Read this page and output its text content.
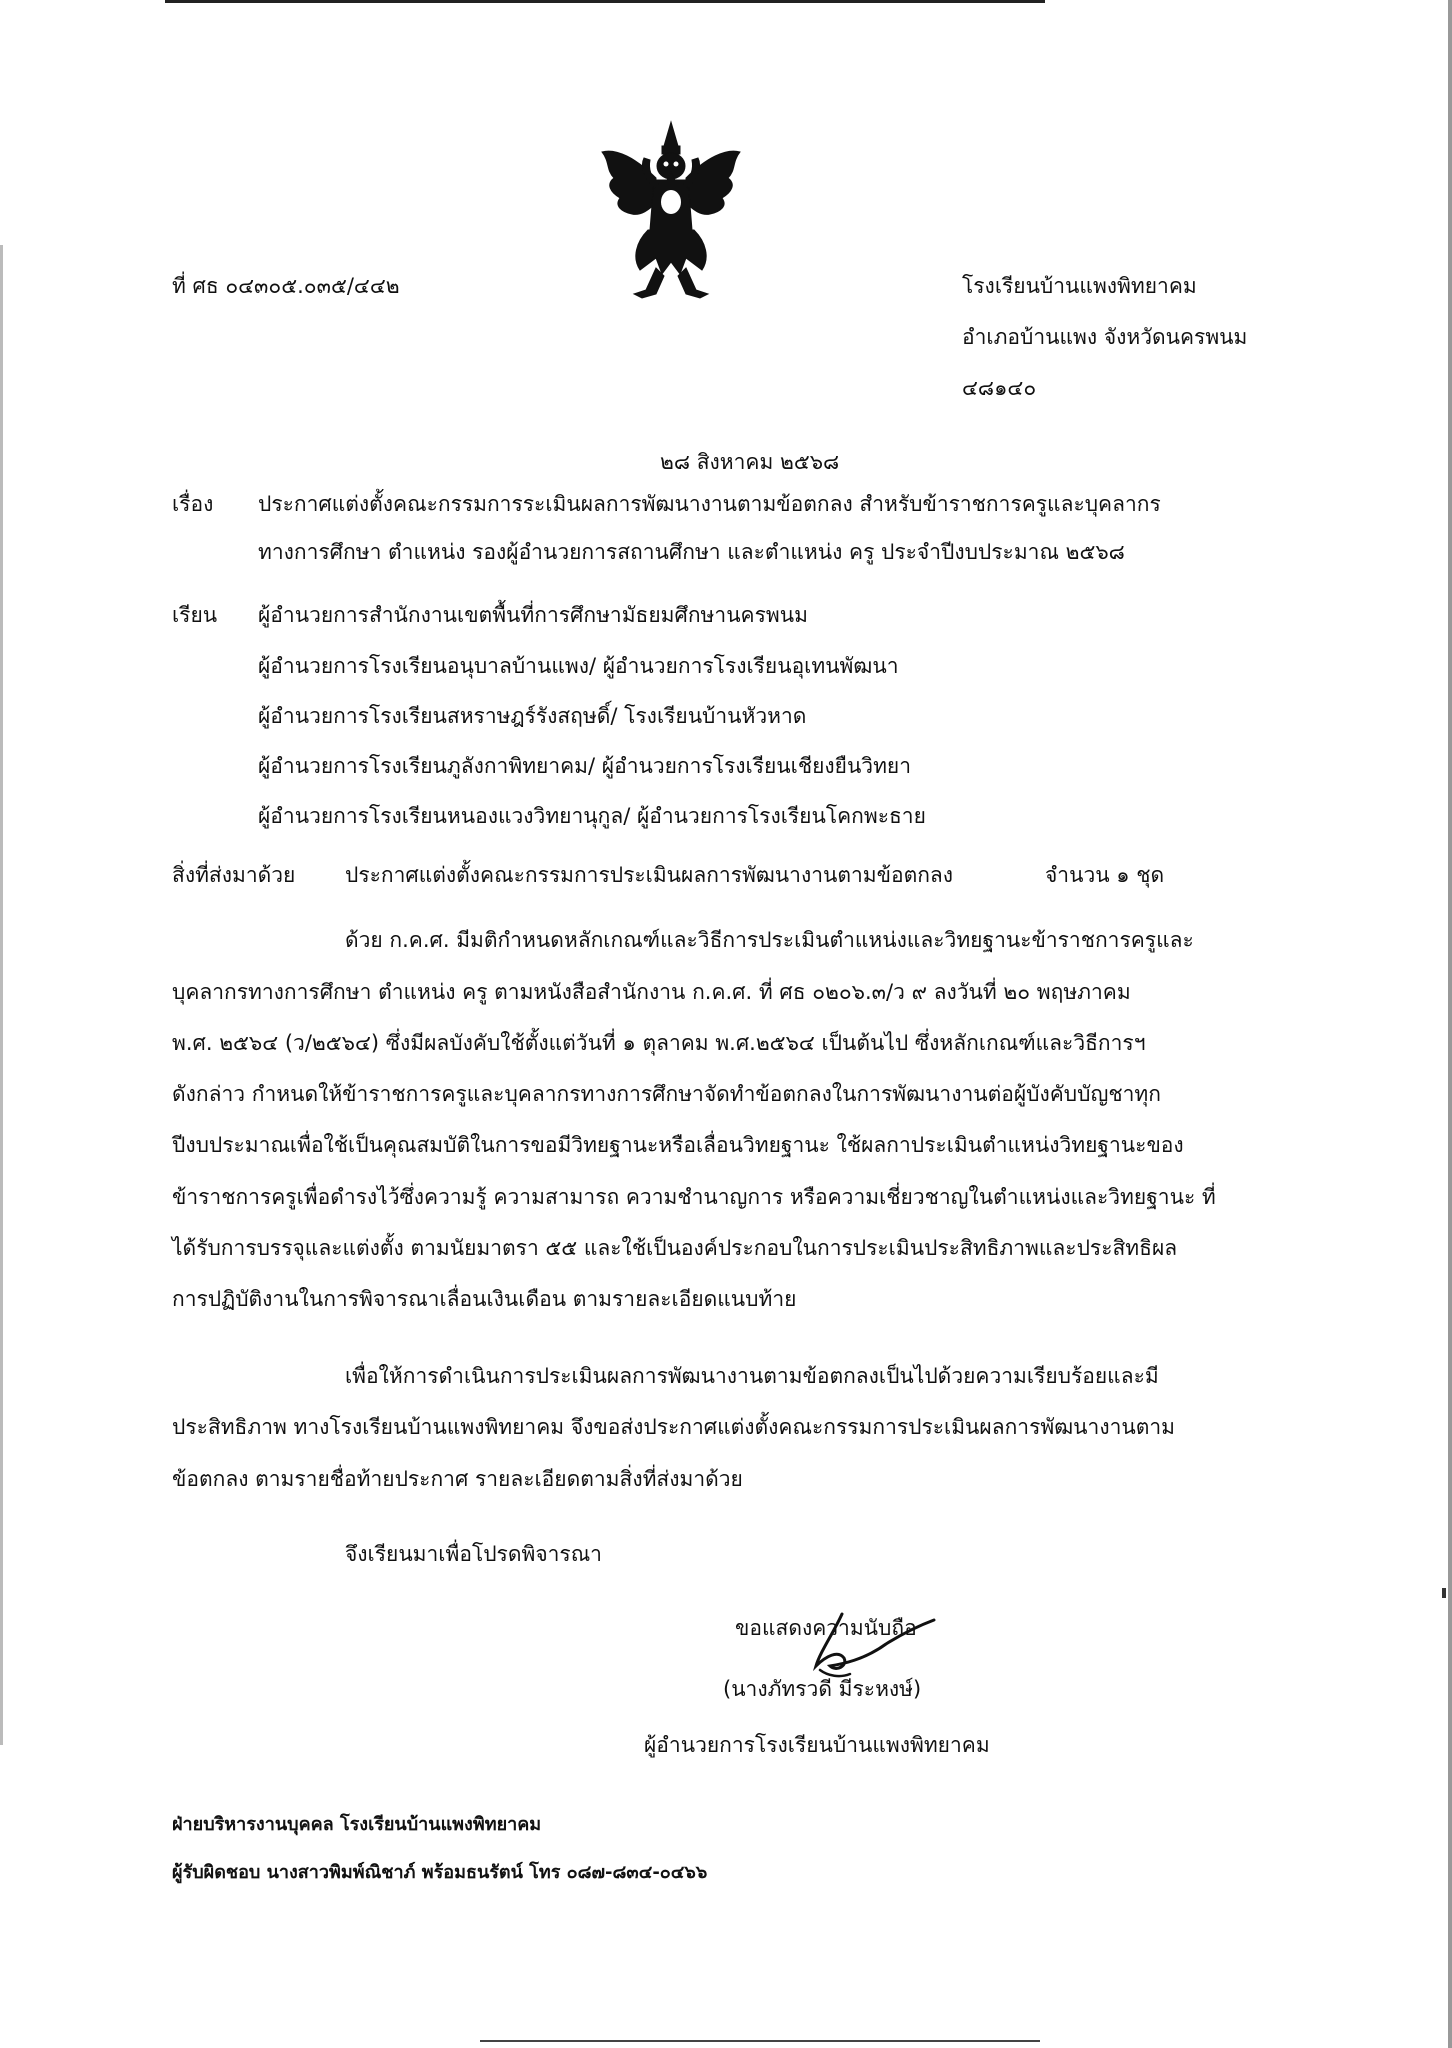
ที่ ศธ ๐๔๓๐๕.๐๓๕/๔๔๒	โรงเรียนบ้านแพงพิทยาคม
อำเภอบ้านแพง จังหวัดนครพนม
๔๘๑๔๐
๒๘ สิงหาคม ๒๕๖๘
เรื่อง ประกาศแต่งตั้งคณะกรรมการระเมินผลการพัฒนางานตามข้อตกลง สำหรับข้าราชการครูและบุคลากร
ทางการศึกษา ตำแหน่ง รองผู้อำนวยการสถานศึกษา และตำแหน่ง ครู ประจำปีงบประมาณ ๒๕๖๘
เรียน ผู้อำนวยการสำนักงานเขตพื้นที่การศึกษามัธยมศึกษานครพนม
ผู้อำนวยการโรงเรียนอนุบาลบ้านแพง/ ผู้อำนวยการโรงเรียนอุเทนพัฒนา
ผู้อำนวยการโรงเรียนสหราษฎร์รังสฤษดิ์/ โรงเรียนบ้านหัวหาด
ผู้อำนวยการโรงเรียนภูลังกาพิทยาคม/ ผู้อำนวยการโรงเรียนเชียงยืนวิทยา
ผู้อำนวยการโรงเรียนหนองแวงวิทยานุกูล/ ผู้อำนวยการโรงเรียนโคกพะธาย
สิ่งที่ส่งมาด้วย ประกาศแต่งตั้งคณะกรรมการประเมินผลการพัฒนางานตามข้อตกลง	จำนวน ๑ ชุด
ด้วย ก.ค.ศ. มีมติกำหนดหลักเกณฑ์และวิธีการประเมินตำแหน่งและวิทยฐานะข้าราชการครูและ
บุคลากรทางการศึกษา ตำแหน่ง ครู ตามหนังสือสำนักงาน ก.ค.ศ. ที่ ศธ ๐๒๐๖.๓/ว ๙ ลงวันที่ ๒๐ พฤษภาคม
พ.ศ. ๒๕๖๔ (ว/๒๕๖๔) ซึ่งมีผลบังคับใช้ตั้งแต่วันที่ ๑ ตุลาคม พ.ศ.๒๕๖๔ เป็นต้นไป ซึ่งหลักเกณฑ์และวิธีการฯ
ดังกล่าว กำหนดให้ข้าราชการครูและบุคลากรทางการศึกษาจัดทำข้อตกลงในการพัฒนางานต่อผู้บังคับบัญชาทุก
ปีงบประมาณเพื่อใช้เป็นคุณสมบัติในการขอมีวิทยฐานะหรือเลื่อนวิทยฐานะ ใช้ผลกาประเมินตำแหน่งวิทยฐานะของ
ข้าราชการครูเพื่อดำรงไว้ซึ่งความรู้ ความสามารถ ความชำนาญการ หรือความเชี่ยวชาญในตำแหน่งและวิทยฐานะ ที่
ได้รับการบรรจุและแต่งตั้ง ตามนัยมาตรา ๕๕ และใช้เป็นองค์ประกอบในการประเมินประสิทธิภาพและประสิทธิผล
การปฏิบัติงานในการพิจารณาเลื่อนเงินเดือน ตามรายละเอียดแนบท้าย
เพื่อให้การดำเนินการประเมินผลการพัฒนางานตามข้อตกลงเป็นไปด้วยความเรียบร้อยและมี
ประสิทธิภาพ ทางโรงเรียนบ้านแพงพิทยาคม จึงขอส่งประกาศแต่งตั้งคณะกรรมการประเมินผลการพัฒนางานตาม
ข้อตกลง ตามรายชื่อท้ายประกาศ รายละเอียดตามสิ่งที่ส่งมาด้วย
จึงเรียนมาเพื่อโปรดพิจารณา
ขอแสดงความนับถือ
(นางภัทรวดี มีระหงษ์)
ผู้อำนวยการโรงเรียนบ้านแพงพิทยาคม
ฝ่ายบริหารงานบุคคล โรงเรียนบ้านแพงพิทยาคม
ผู้รับผิดชอบ นางสาวพิมพ์ณิชาภ์ พร้อมธนรัตน์ โทร ๐๘๗-๘๓๔-๐๔๖๖
